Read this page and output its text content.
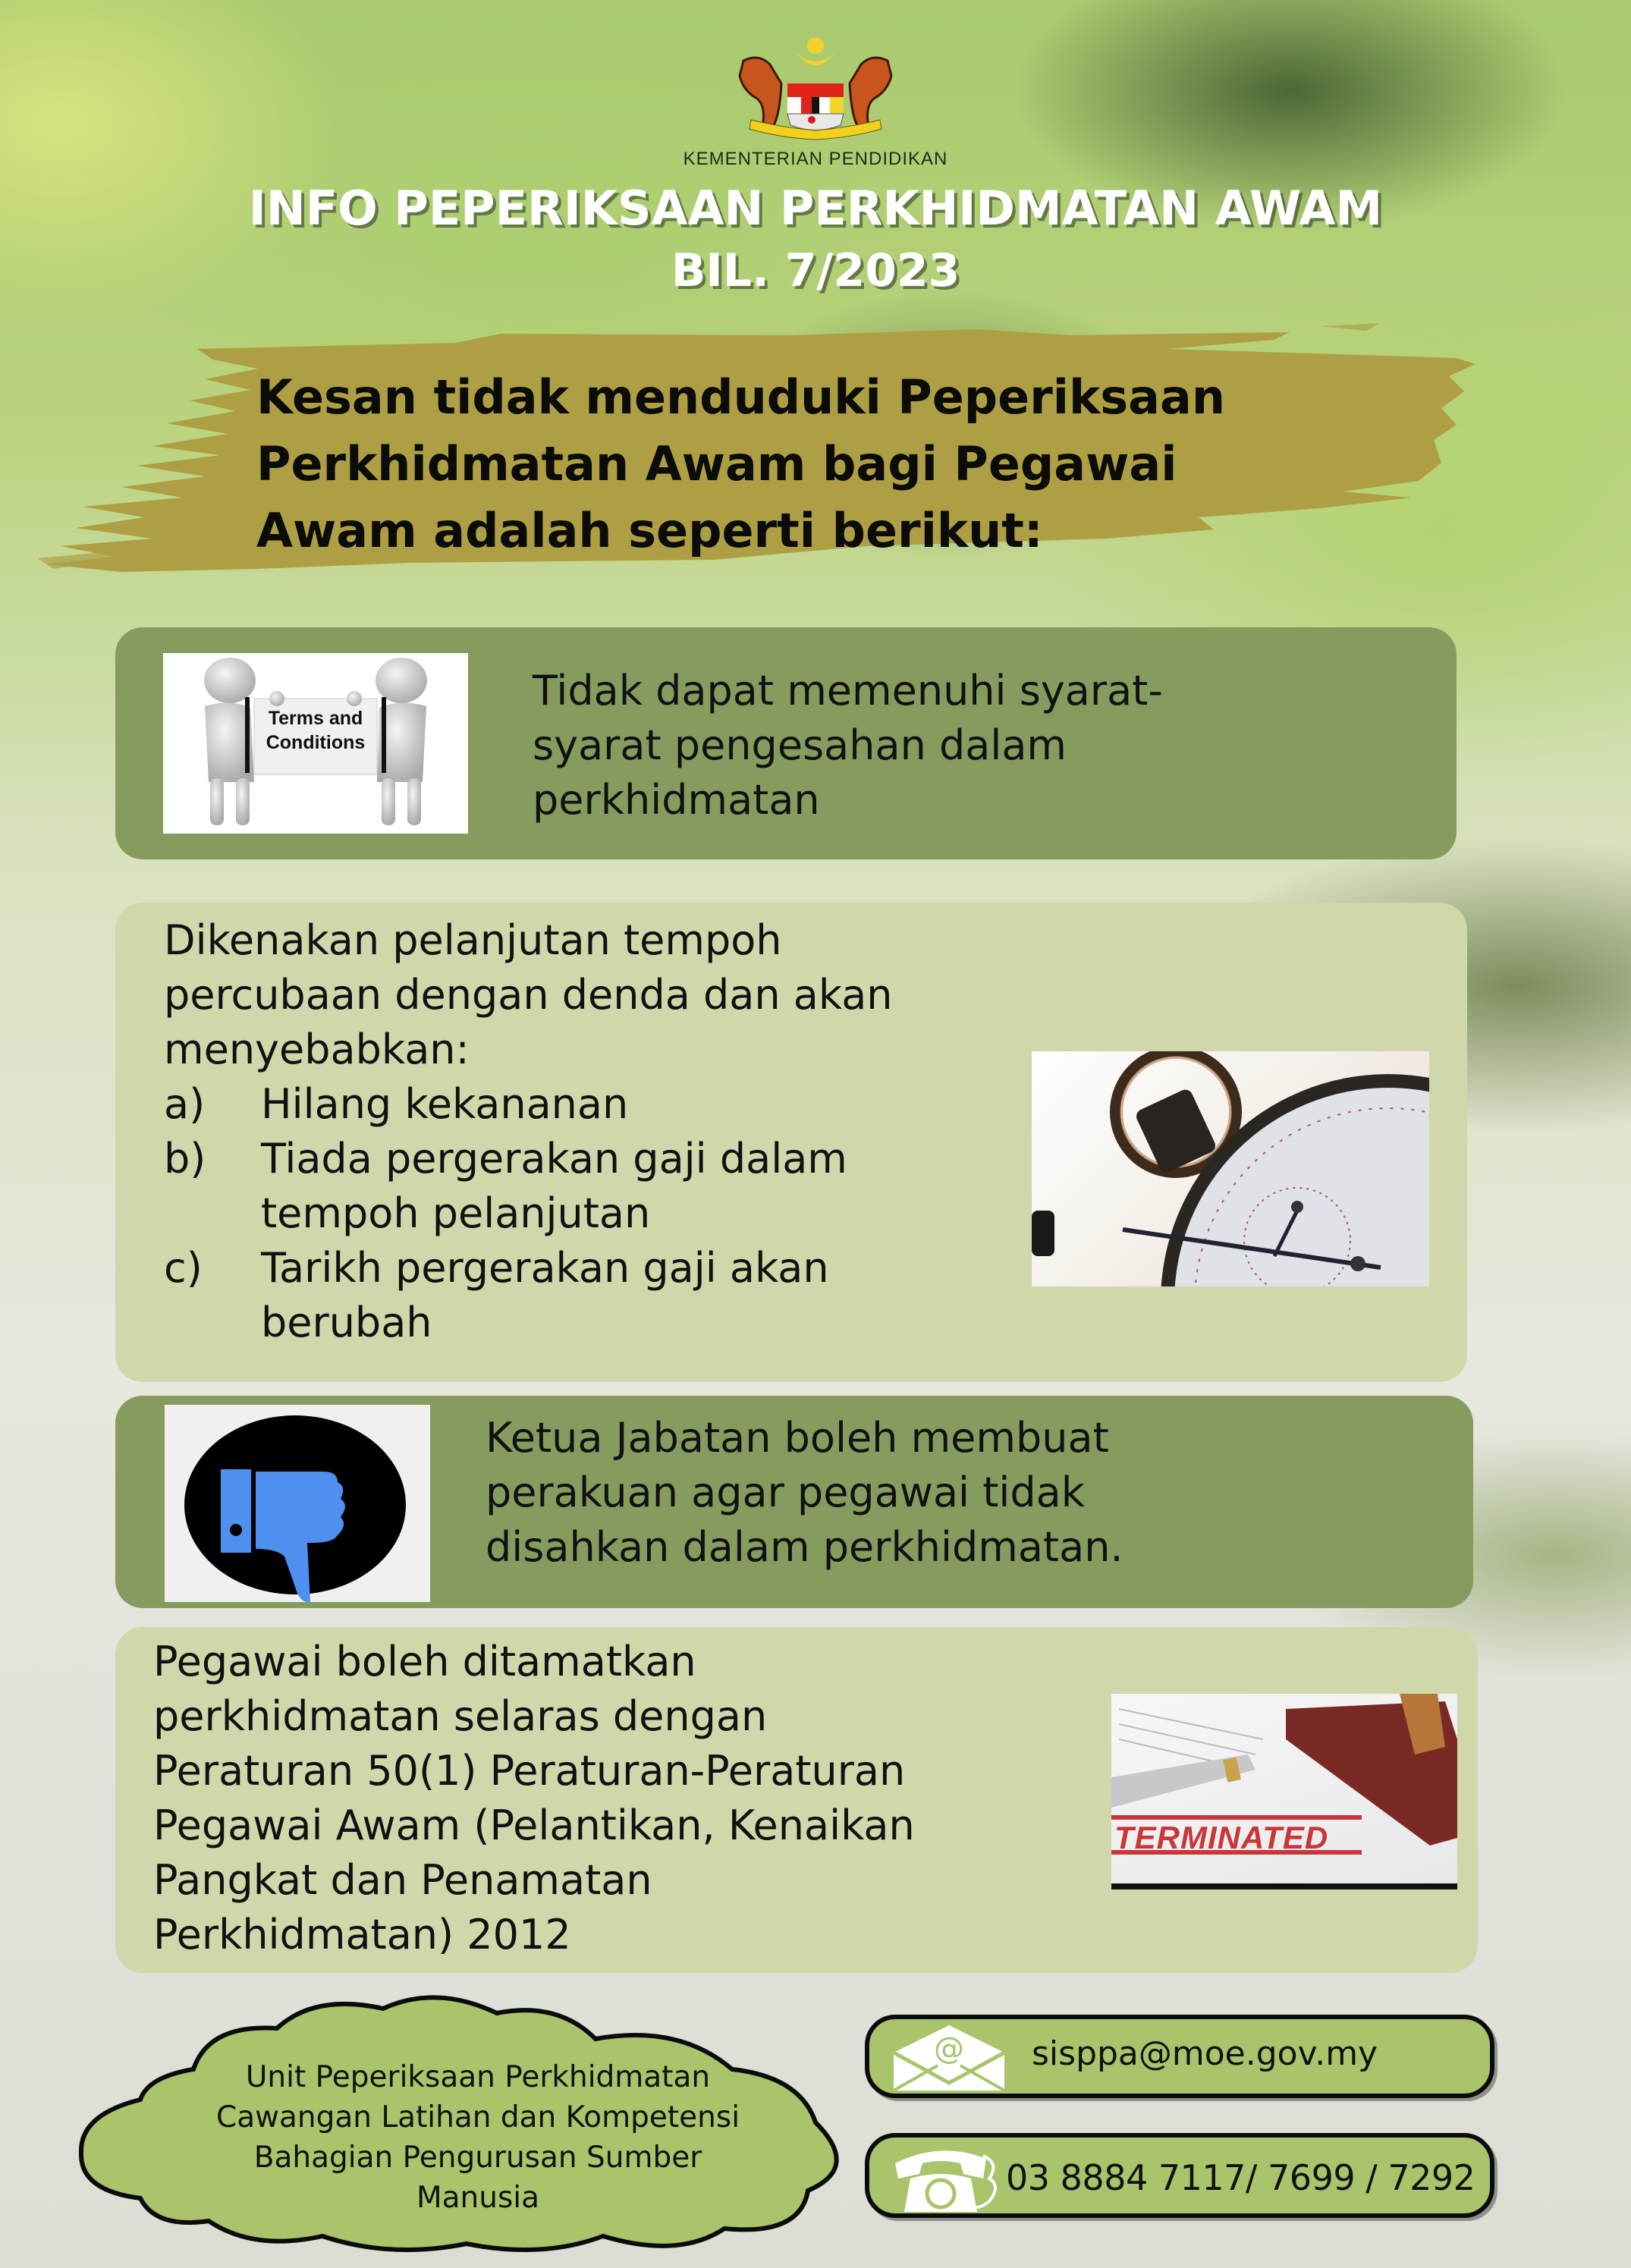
KEMENTERIAN PENDIDIKAN
INFO PEPERIKSAAN PERKHIDMATAN AWAM
BIL. 7/2023
Kesan tidak menduduki Peperiksaan
Perkhidmatan Awam bagi Pegawai
Awam adalah seperti berikut:
Terms and
Conditions
Tidak dapat memenuhi syarat-
syarat pengesahan dalam
perkhidmatan
Dikenakan pelanjutan tempoh
percubaan dengan denda dan akan
menyebabkan:
a)	Hilang kekananan
b)	Tiada pergerakan gaji dalam
tempoh pelanjutan
c)	Tarikh pergerakan gaji akan
berubah
Ketua Jabatan boleh membuat
perakuan agar pegawai tidak
disahkan dalam perkhidmatan.
Pegawai boleh ditamatkan
perkhidmatan selaras dengan
Peraturan 50(1) Peraturan-Peraturan
Pegawai Awam (Pelantikan, Kenaikan
Pangkat dan Penamatan
Perkhidmatan) 2012
TERMINATED
Unit Peperiksaan Perkhidmatan
Cawangan Latihan dan Kompetensi
Bahagian Pengurusan Sumber
Manusia
@ sisppa@moe.gov.my
03 8884 7117/ 7699 / 7292
